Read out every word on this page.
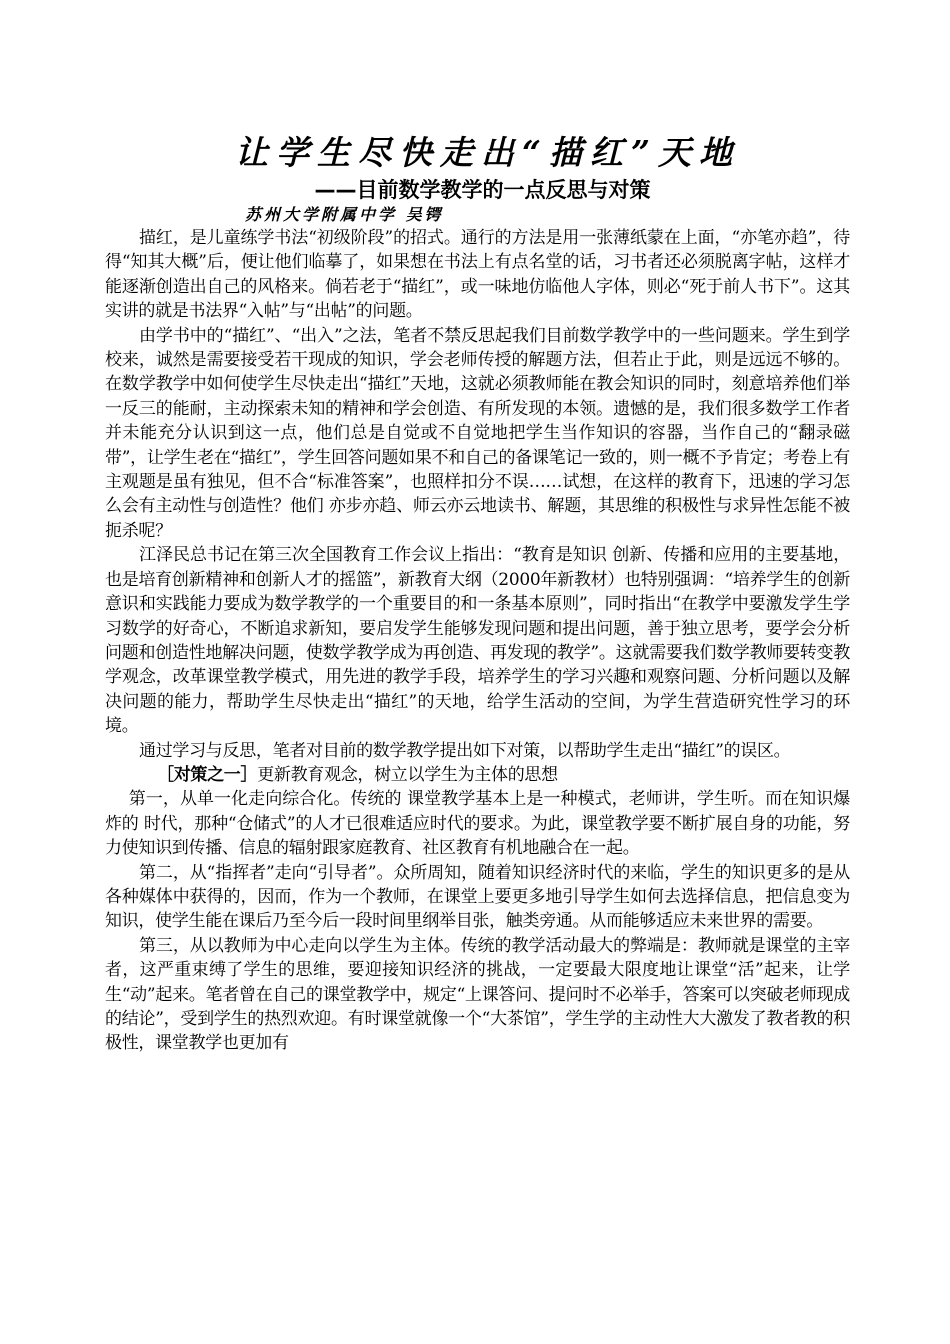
让学生尽快走出“描红”天地
——目前数学教学的一点反思与对策
苏州大学附属中学 吴锷

描红，是儿童练学书法“初级阶段”的招式。通行的方法是用一张薄纸蒙在上面，“亦笔亦趋”，待得“知其大概”后，便让他们临摹了，如果想在书法上有点名堂的话，习书者还必须脱离字帖，这样才能逐渐创造出自己的风格来。倘若老于“描红”，或一味地仿临他人字体，则必“死于前人书下”。这其实讲的就是书法界“入帖”与“出帖”的问题。

由学书中的“描红”、“出入”之法，笔者不禁反思起我们目前数学教学中的一些问题来。学生到学校来，诚然是需要接受若干现成的知识，学会老师传授的解题方法，但若止于此，则是远远不够的。在数学教学中如何使学生尽快走出“描红”天地，这就必须教师能在教会知识的同时，刻意培养他们举一反三的能耐，主动探索未知的精神和学会创造、有所发现的本领。遗憾的是，我们很多数学工作者并未能充分认识到这一点，他们总是自觉或不自觉地把学生当作知识的容器，当作自己的“翻录磁带”，让学生老在“描红”，学生回答问题如果不和自己的备课笔记一致的，则一概不予肯定；考卷上有主观题是虽有独见，但不合“标准答案”，也照样扣分不误……试想，在这样的教育下，迅速的学习怎么会有主动性与创造性？他们 亦步亦趋、师云亦云地读书、解题，其思维的积极性与求异性怎能不被扼杀呢？

江泽民总书记在第三次全国教育工作会议上指出：“教育是知识 创新、传播和应用的主要基地，也是培育创新精神和创新人才的摇篮”，新教育大纲（2000年新教材）也特别强调：“培养学生的创新意识和实践能力要成为数学教学的一个重要目的和一条基本原则”，同时指出“在教学中要激发学生学习数学的好奇心，不断追求新知，要启发学生能够发现问题和提出问题，善于独立思考，要学会分析问题和创造性地解决问题，使数学教学成为再创造、再发现的教学”。这就需要我们数学教师要转变教学观念，改革课堂教学模式，用先进的教学手段，培养学生的学习兴趣和观察问题、分析问题以及解决问题的能力，帮助学生尽快走出“描红”的天地，给学生活动的空间，为学生营造研究性学习的环境。

通过学习与反思，笔者对目前的数学教学提出如下对策，以帮助学生走出“描红”的误区。

［对策之一］更新教育观念，树立以学生为主体的思想

第一，从单一化走向综合化。传统的 课堂教学基本上是一种模式，老师讲，学生听。而在知识爆炸的 时代，那种“仓储式”的人才已很难适应时代的要求。为此，课堂教学要不断扩展自身的功能，努力使知识到传播、信息的辐射跟家庭教育、社区教育有机地融合在一起。

第二，从“指挥者”走向“引导者”。众所周知，随着知识经济时代的来临，学生的知识更多的是从各种媒体中获得的，因而，作为一个教师，在课堂上要更多地引导学生如何去选择信息，把信息变为知识，使学生能在课后乃至今后一段时间里纲举目张，触类旁通。从而能够适应未来世界的需要。

第三，从以教师为中心走向以学生为主体。传统的教学活动最大的弊端是：教师就是课堂的主宰者，这严重束缚了学生的思维，要迎接知识经济的挑战，一定要最大限度地让课堂“活”起来，让学生“动”起来。笔者曾在自己的课堂教学中，规定“上课答问、提问时不必举手，答案可以突破老师现成的结论”，受到学生的热烈欢迎。有时课堂就像一个“大茶馆”，学生学的主动性大大激发了教者教的积极性，课堂教学也更加有
